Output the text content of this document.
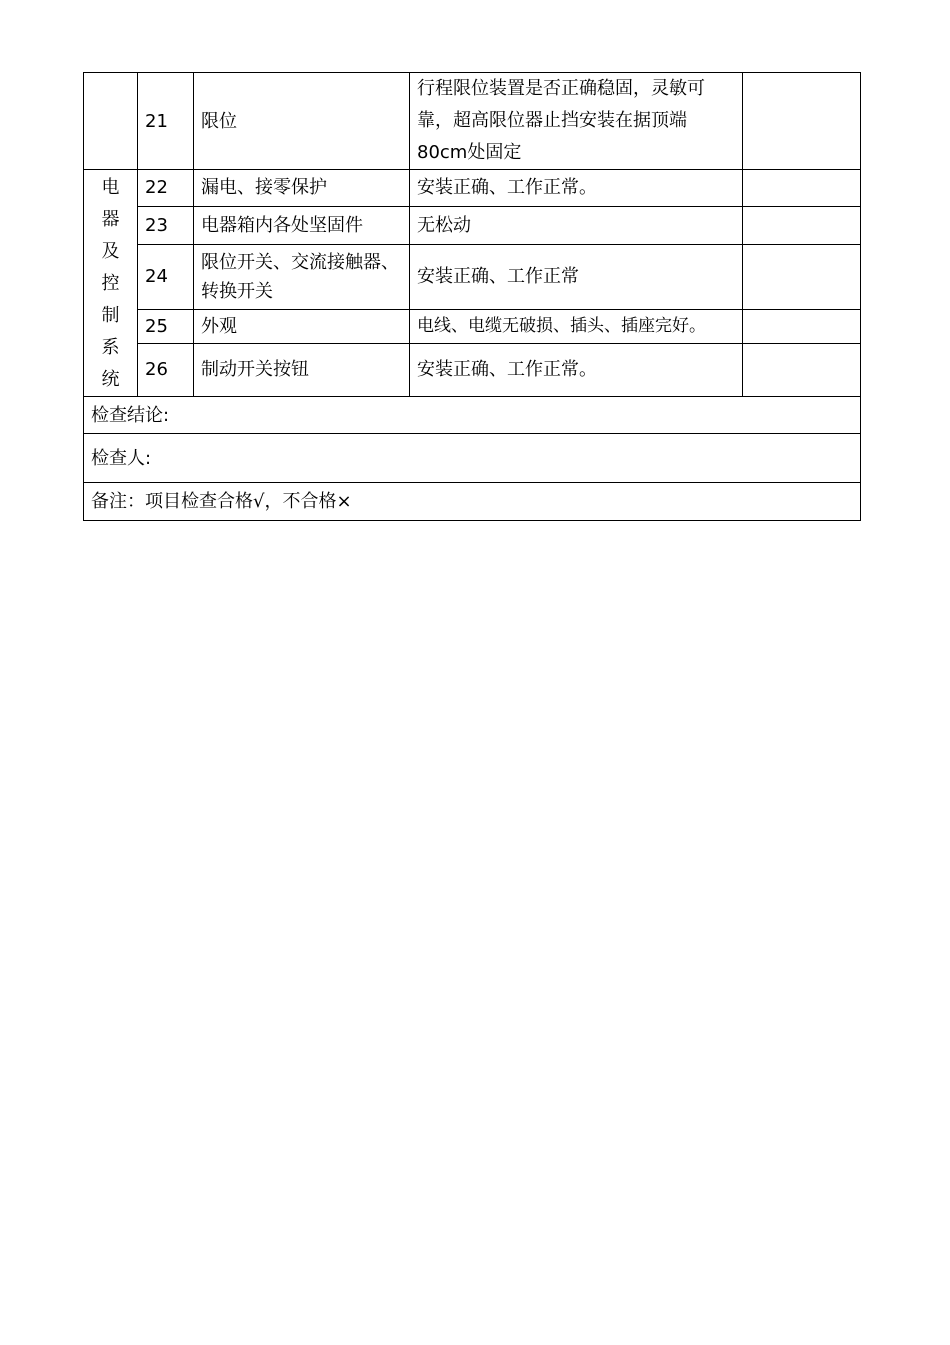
	21	限位	行程限位装置是否正确稳固，灵敏可靠，超高限位器止挡安装在据顶端80cm处固定	

电器及控制系统	22	漏电、接零保护	安装正确、工作正常。	
	23	电器箱内各处坚固件	无松动	
	24	限位开关、交流接触器、转换开关	安装正确、工作正常	
	25	外观	电线、电缆无破损、插头、插座完好。	
	26	制动开关按钮	安装正确、工作正常。	
检查结论:				
检查人:				
备注：项目检查合格√，不合格×				
